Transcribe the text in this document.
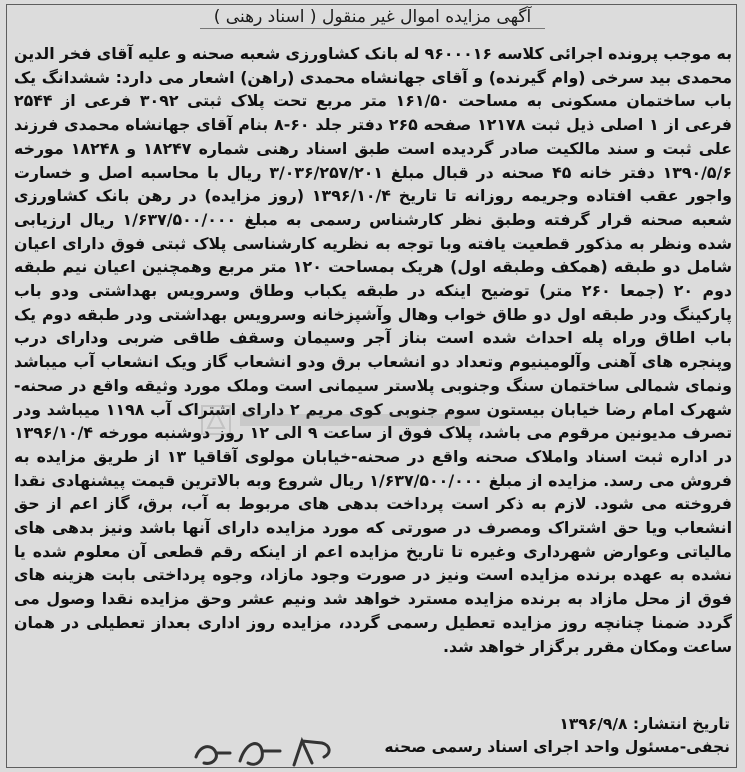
آگهی مزایده اموال غیر منقول ( اسناد رهنی )
به موجب پرونده اجرائی کلاسه ۹۶۰۰۰۱۶ له بانک کشاورزی شعبه صحنه و علیه آقای فخر الدین محمدی بید سرخی (وام گیرنده) و آقای جهانشاه محمدی (راهن) اشعار می دارد: ششدانگ یک باب ساختمان مسکونی به مساحت ۱۶۱/۵۰ متر مربع تحت پلاک ثبتی ۳۰۹۲ فرعی از ۲۵۴۴ فرعی از ۱ اصلی ذیل ثبت ۱۲۱۷۸ صفحه ۲۶۵ دفتر جلد ۶۰-۸ بنام آقای جهانشاه محمدی فرزند علی ثبت و سند مالکیت صادر گردیده است طبق اسناد رهنی شماره ۱۸۲۴۷ و ۱۸۲۴۸ مورخه ۱۳۹۰/۵/۶ دفتر خانه ۴۵ صحنه در قبال مبلغ ۳/۰۳۶/۲۵۷/۲۰۱ ریال با محاسبه اصل و خسارت واجور عقب افتاده وجریمه روزانه تا تاریخ ۱۳۹۶/۱۰/۴ (روز مزایده) در رهن بانک کشاورزی شعبه صحنه قرار گرفته وطبق نظر کارشناس رسمی به مبلغ ۱/۶۳۷/۵۰۰/۰۰۰ ریال ارزیابی شده ونظر به مذکور قطعیت یافته وبا توجه به نظریه کارشناسی پلاک ثبتی فوق دارای اعیان شامل دو طبقه (همکف وطبقه اول) هریک بمساحت ۱۲۰ متر مربع وهمچنین اعیان نیم طبقه دوم ۲۰ (جمعا ۲۶۰ متر) توضیح اینکه در طبقه یکباب وطاق وسرویس بهداشتی ودو باب پارکینگ ودر طبقه اول دو طاق خواب وهال وآشپزخانه وسرویس بهداشتی ودر طبقه دوم یک باب اطاق وراه پله احداث شده است بناز آجر وسیمان وسقف طاقی ضربی ودارای درب وپنجره های آهنی وآلومینیوم وتعداد دو انشعاب برق ودو انشعاب گاز ویک انشعاب آب میباشد ونمای شمالی ساختمان سنگ وجنوبی پلاستر سیمانی است وملک مورد وثیقه واقع در صحنه-شهرک امام رضا خیابان بیستون سوم جنوبی کوی مریم ۲ دارای اشتراک آب ۱۱۹۸ میباشد ودر تصرف مدیونین مرقوم می باشد، پلاک فوق از ساعت ۹ الی ۱۲ روز دوشنبه مورخه ۱۳۹۶/۱۰/۴ در اداره ثبت اسناد واملاک صحنه واقع در صحنه-خیابان مولوی آقاقیا ۱۳ از طریق مزایده به فروش می رسد. مزایده از مبلغ ۱/۶۳۷/۵۰۰/۰۰۰ ریال شروع وبه بالاترین قیمت پیشنهادی نقدا فروخته می شود. لازم به ذکر است پرداخت بدهی های مربوط به آب، برق، گاز اعم از حق انشعاب ویا حق اشتراک ومصرف در صورتی که مورد مزایده دارای آنها باشد ونیز بدهی های مالیاتی وعوارض شهرداری وغیره تا تاریخ مزایده اعم از اینکه رقم قطعی آن معلوم شده یا نشده به عهده برنده مزایده است ونیز در صورت وجود مازاد، وجوه پرداختی بابت هزینه های فوق از محل مازاد به برنده مزایده مسترد خواهد شد ونیم عشر وحق مزایده نقدا وصول می گردد ضمنا چنانچه روز مزایده تعطیل رسمی گردد، مزایده روز اداری بعداز تعطیلی در همان ساعت ومکان مقرر برگزار خواهد شد.
تاریخ انتشار: ۱۳۹۶/۹/۸
نجفی-مسئول واحد اجرای اسناد رسمی صحنه
